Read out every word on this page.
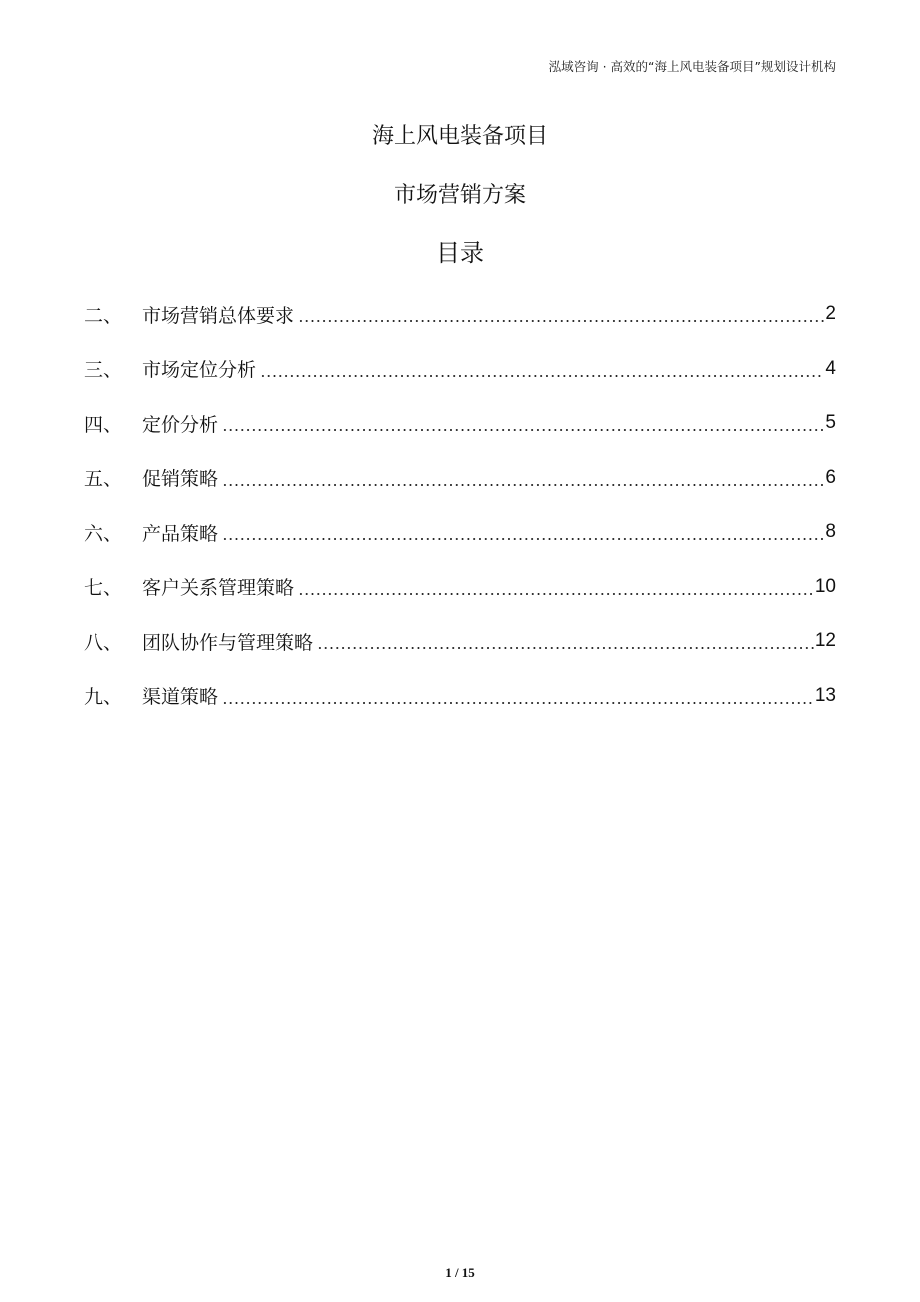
泓域咨询 · 高效的“海上风电装备项目”规划设计机构
海上风电装备项目
市场营销方案
目录
二、	市场营销总体要求	2
三、	市场定位分析	4
四、	定价分析	5
五、	促销策略	6
六、	产品策略	8
七、	客户关系管理策略	10
八、	团队协作与管理策略	12
九、	渠道策略	13
1 / 15
